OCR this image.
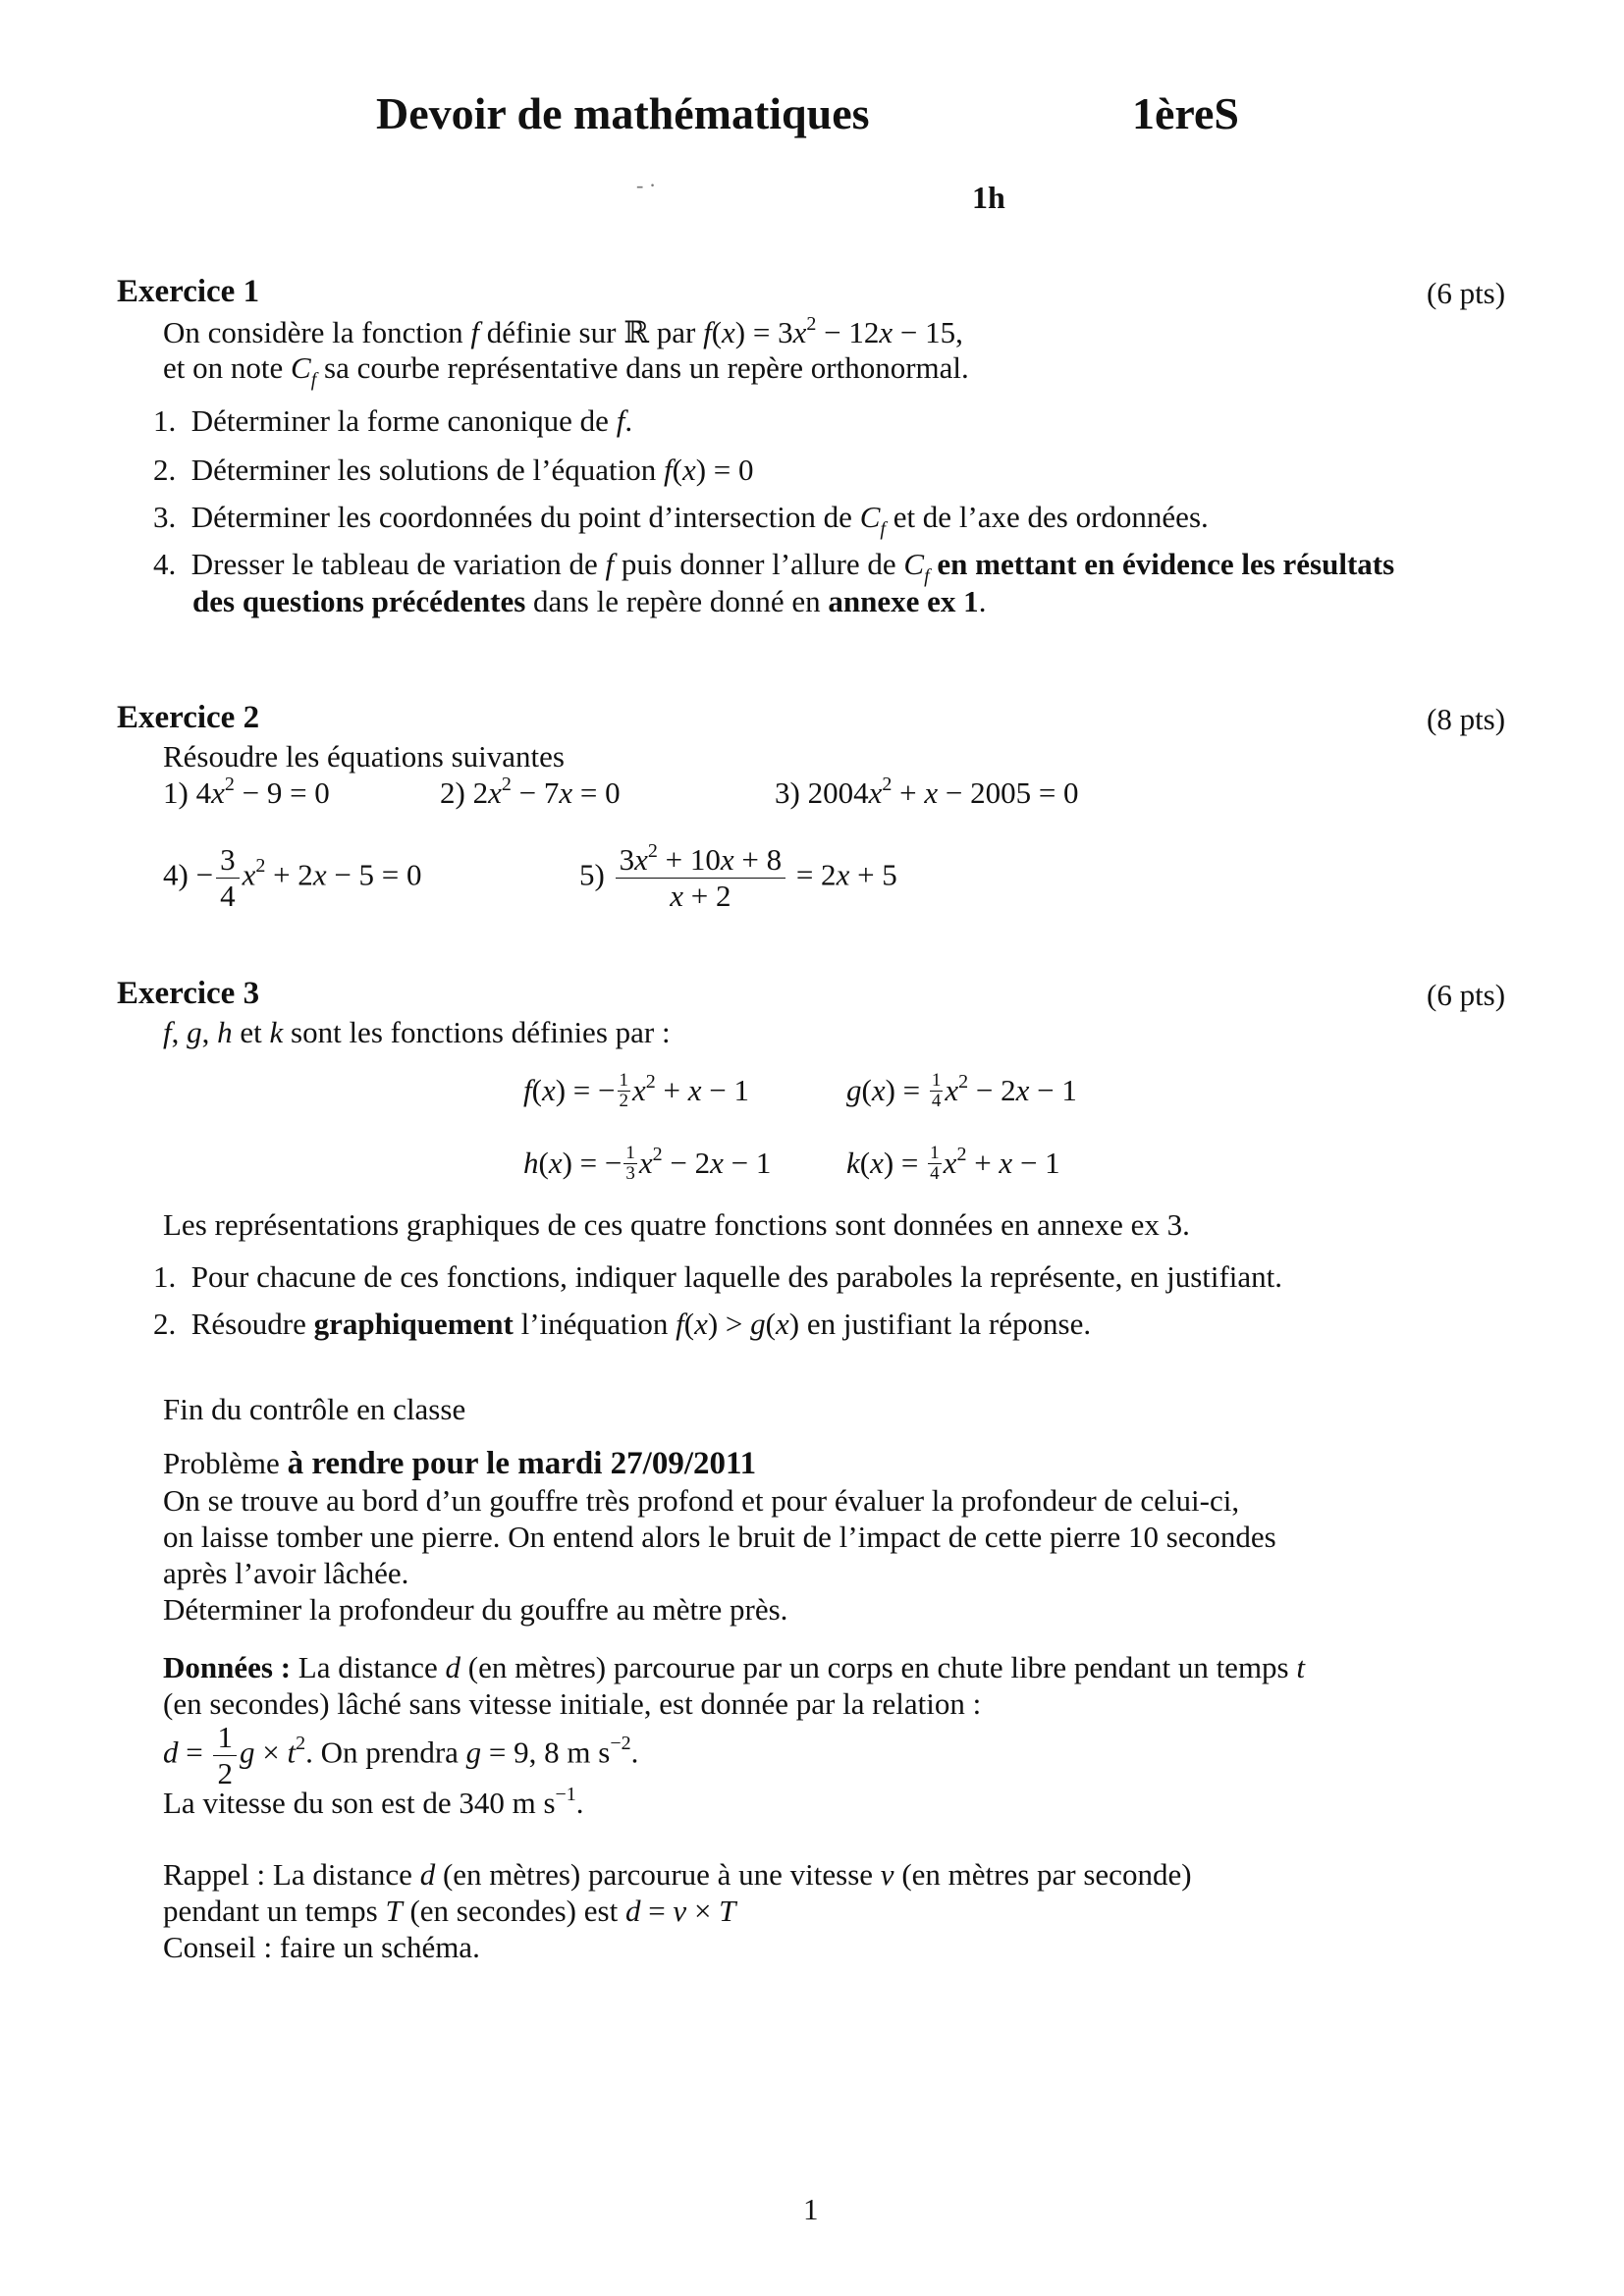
Devoir de mathématiques	1èreS
- ·	1h
Exercice 1	(6 pts)
On considère la fonction f définie sur ℝ par $f(x) = 3x^2 - 12x - 15$,
et on note $C_f$ sa courbe représentative dans un repère orthonormal.
1.  Déterminer la forme canonique de f.
2.  Déterminer les solutions de l’équation f(x) = 0
3.  Déterminer les coordonnées du point d’intersection de $C_f$ et de l’axe des ordonnées.
4.  Dresser le tableau de variation de f puis donner l’allure de $C_f$ en mettant en évidence les résultats
des questions précédentes dans le repère donné en annexe ex 1.
Exercice 2	(8 pts)
Résoudre les équations suivantes
1) $4x^2 - 9 = 0$	2) $2x^2 - 7x = 0$	3) $2004x^2 + x - 2005 = 0$
$4) - \frac{3}{4} x^2 + 2x - 5 = 0$	$5) \frac{3x^2 + 10x + 8}{x + 2} = 2x + 5$
Exercice 3	(6 pts)
f, g, h et k sont les fonctions définies par :
f(x) = − $\frac{1}{2} x^2 + x - 1$	$g(x) = \frac{1}{4} x^2 - 2x - 1$
h(x) = − $\frac{1}{3} x^2 - 2x - 1$ $k(x) = \frac{1}{4} x^2 + x - 1$
Les représentations graphiques de ces quatre fonctions sont données en annexe ex 3.
1.  Pour chacune de ces fonctions, indiquer laquelle des paraboles la représente, en justifiant.
2.  Résoudre graphiquement l’inéquation f(x) > g(x) en justifiant la réponse.
Fin du contrôle en classe
Problème à rendre pour le mardi 27/09/2011
On se trouve au bord d’un gouffre très profond et pour évaluer la profondeur de celui-ci,
on laisse tomber une pierre. On entend alors le bruit de l’impact de cette pierre 10 secondes
après l’avoir lâchée.
Déterminer la profondeur du gouffre au mètre près.
Données : La distance d (en mètres) parcourue par un corps en chute libre pendant un temps t
(en secondes) lâché sans vitesse initiale, est donnée par la relation :
$d = \frac{1}{2}$ $g \times t^2$. On prendra g = 9, 8 m $s^{-2}$.
La vitesse du son est de 340 m $s^{-1}$.
Rappel : La distance d (en mètres) parcourue à une vitesse v (en mètres par seconde)
pendant un temps T (en secondes) est d = v × T
Conseil : faire un schéma.
1
